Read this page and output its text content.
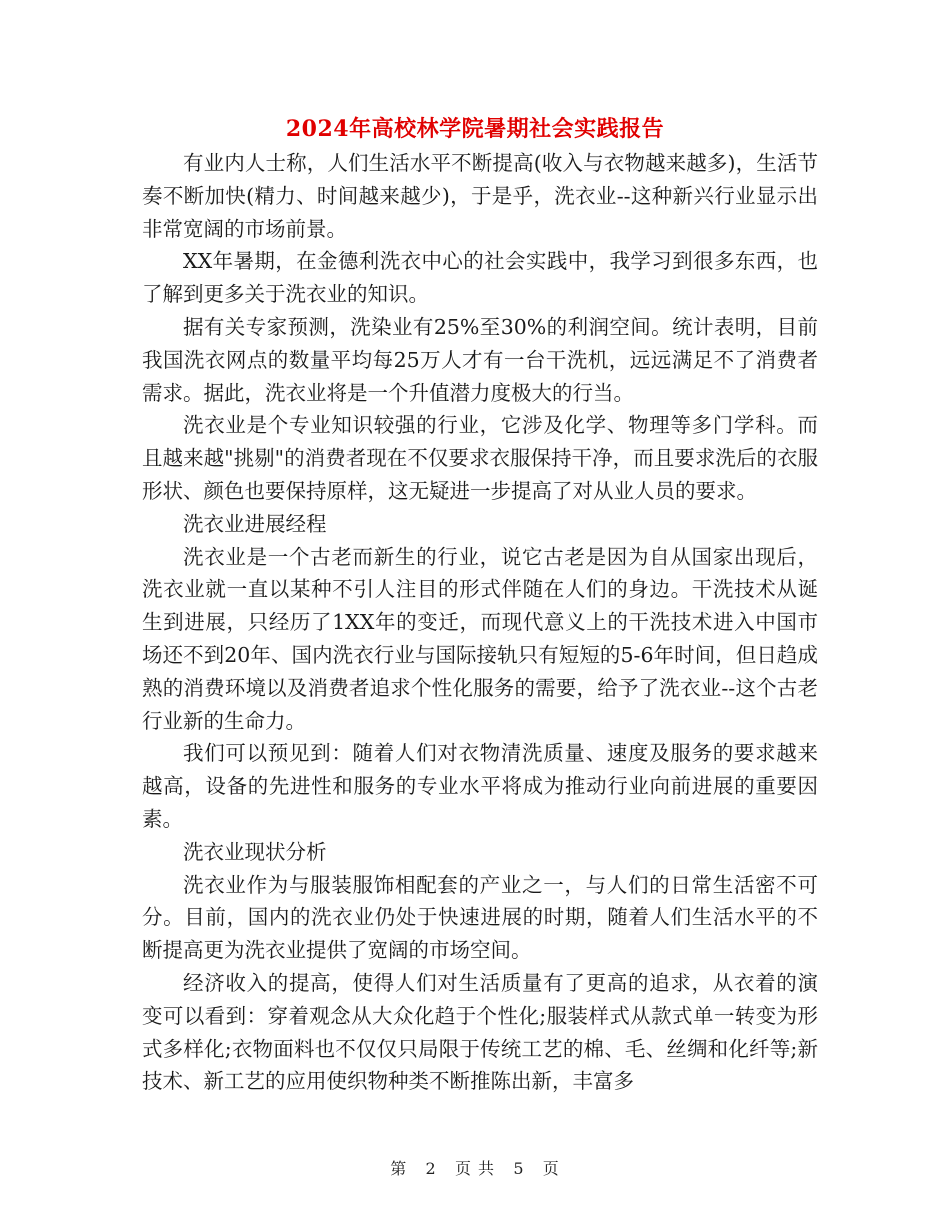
2024年高校林学院暑期社会实践报告

有业内人士称，人们生活水平不断提高(收入与衣物越来越多)，生活节奏不断加快(精力、时间越来越少)，于是乎，洗衣业--这种新兴行业显示出非常宽阔的市场前景。

XX年暑期，在金德利洗衣中心的社会实践中，我学习到很多东西，也了解到更多关于洗衣业的知识。

据有关专家预测，洗染业有25%至30%的利润空间。统计表明，目前我国洗衣网点的数量平均每25万人才有一台干洗机，远远满足不了消费者需求。据此，洗衣业将是一个升值潜力度极大的行当。

洗衣业是个专业知识较强的行业，它涉及化学、物理等多门学科。而且越来越"挑剔"的消费者现在不仅要求衣服保持干净，而且要求洗后的衣服形状、颜色也要保持原样，这无疑进一步提高了对从业人员的要求。

洗衣业进展经程

洗衣业是一个古老而新生的行业，说它古老是因为自从国家出现后，洗衣业就一直以某种不引人注目的形式伴随在人们的身边。干洗技术从诞生到进展，只经历了1XX年的变迁，而现代意义上的干洗技术进入中国市场还不到20年、国内洗衣行业与国际接轨只有短短的5-6年时间，但日趋成熟的消费环境以及消费者追求个性化服务的需要，给予了洗衣业--这个古老行业新的生命力。

我们可以预见到：随着人们对衣物清洗质量、速度及服务的要求越来越高，设备的先进性和服务的专业水平将成为推动行业向前进展的重要因素。

洗衣业现状分析

洗衣业作为与服装服饰相配套的产业之一，与人们的日常生活密不可分。目前，国内的洗衣业仍处于快速进展的时期，随着人们生活水平的不断提高更为洗衣业提供了宽阔的市场空间。

经济收入的提高，使得人们对生活质量有了更高的追求，从衣着的演变可以看到：穿着观念从大众化趋于个性化;服装样式从款式单一转变为形式多样化;衣物面料也不仅仅只局限于传统工艺的棉、毛、丝绸和化纤等;新技术、新工艺的应用使织物种类不断推陈出新，丰富多

第 2 页 共 5 页
